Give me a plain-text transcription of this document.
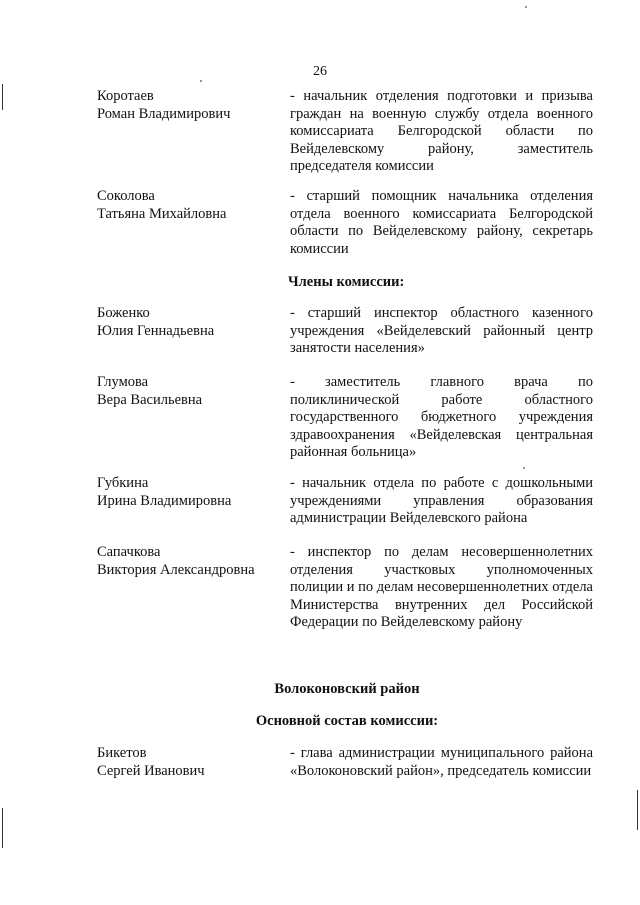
26
Коротаев
Роман Владимирович
- начальник отделения подготовки и призыва граждан на военную службу отдела военного комиссариата Белгородской области по Вейделевскому району, заместитель председателя комиссии
Соколова
Татьяна Михайловна
- старший помощник начальника отделения отдела военного комиссариата Белгородской области по Вейделевскому району, секретарь комиссии
Члены комиссии:
Боженко
Юлия Геннадьевна
- старший инспектор областного казенного учреждения «Вейделевский районный центр занятости населения»
Глумова
Вера Васильевна
- заместитель главного врача по поликлинической работе областного государственного бюджетного учреждения здравоохранения «Вейделевская центральная районная больница»
Губкина
Ирина Владимировна
- начальник отдела по работе с дошкольными учреждениями управления образования администрации Вейделевского района
Сапачкова
Виктория Александровна
- инспектор по делам несовершеннолетних отделения участковых уполномоченных полиции и по делам несовершеннолетних отдела Министерства внутренних дел Российской Федерации по Вейделевскому району
Волоконовский район
Основной состав комиссии:
Бикетов
Сергей Иванович
- глава администрации муниципального района «Волоконовский район», председатель комиссии
